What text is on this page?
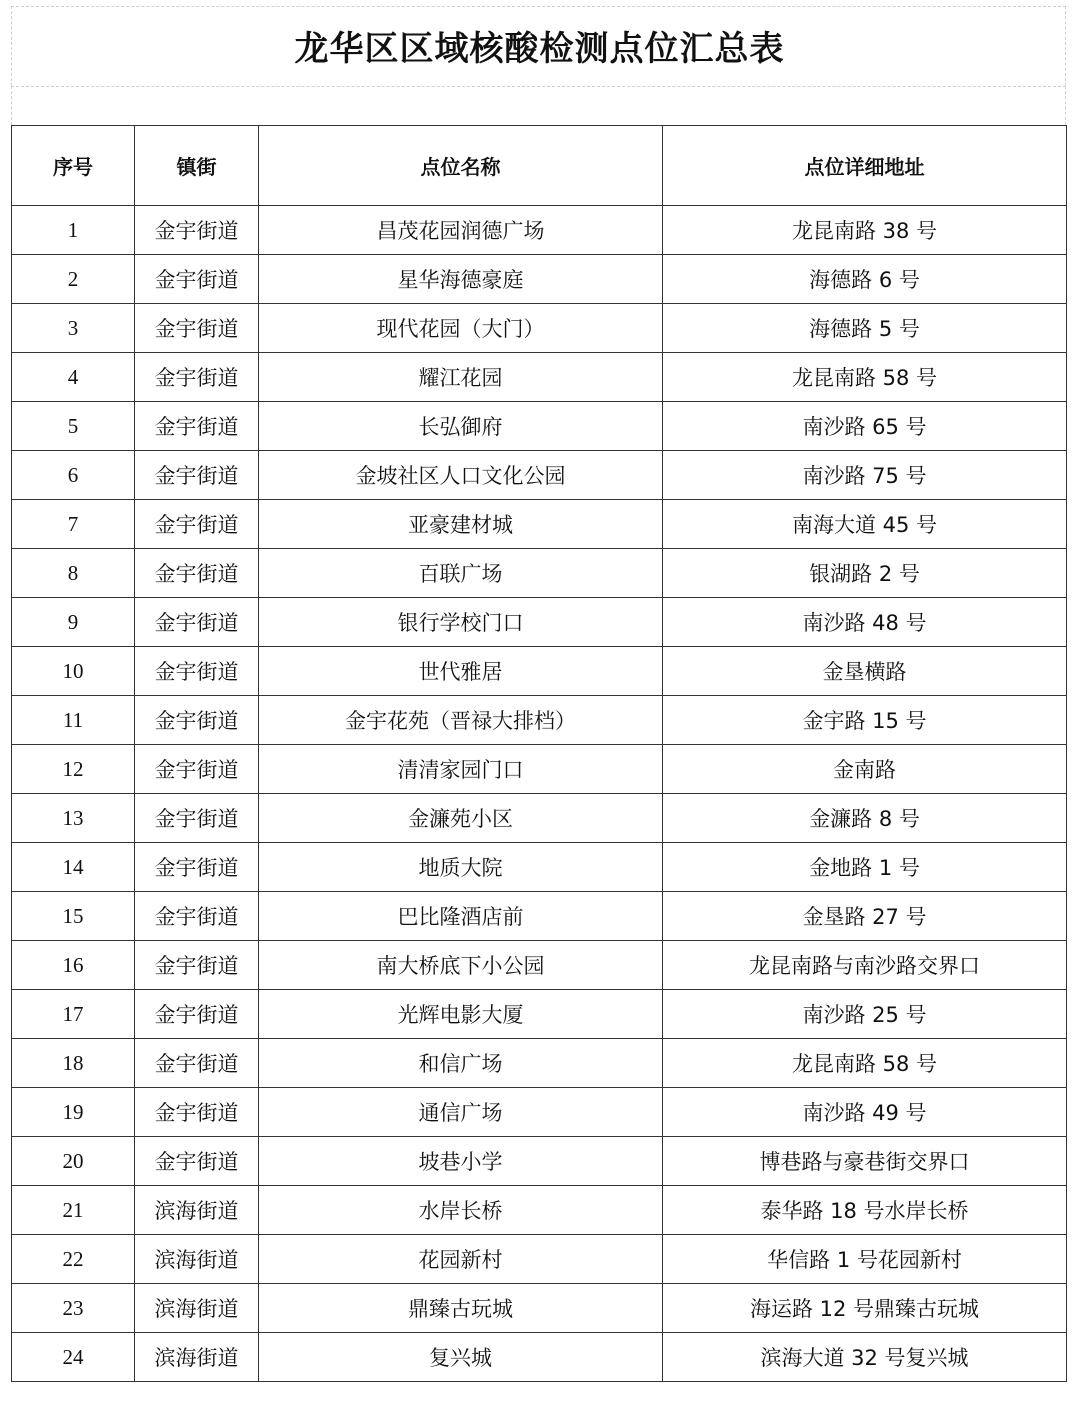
龙华区区域核酸检测点位汇总表
序号	镇街	点位名称	点位详细地址
1	金宇街道	昌茂花园润德广场	龙昆南路 38 号
2	金宇街道	星华海德豪庭	海德路 6 号
3	金宇街道	现代花园（大门）	海德路 5 号
4	金宇街道	耀江花园	龙昆南路 58 号
5	金宇街道	长弘御府	南沙路 65 号
6	金宇街道	金坡社区人口文化公园	南沙路 75 号
7	金宇街道	亚豪建材城	南海大道 45 号
8	金宇街道	百联广场	银湖路 2 号
9	金宇街道	银行学校门口	南沙路 48 号
10	金宇街道	世代雅居	金垦横路
11	金宇街道	金宇花苑（晋禄大排档）	金宇路 15 号
12	金宇街道	清清家园门口	金南路
13	金宇街道	金濂苑小区	金濂路 8 号
14	金宇街道	地质大院	金地路 1 号
15	金宇街道	巴比隆酒店前	金垦路 27 号
16	金宇街道	南大桥底下小公园	龙昆南路与南沙路交界口
17	金宇街道	光辉电影大厦	南沙路 25 号
18	金宇街道	和信广场	龙昆南路 58 号
19	金宇街道	通信广场	南沙路 49 号
20	金宇街道	坡巷小学	博巷路与豪巷街交界口
21	滨海街道	水岸长桥	泰华路 18 号水岸长桥
22	滨海街道	花园新村	华信路 1 号花园新村
23	滨海街道	鼎臻古玩城	海运路 12 号鼎臻古玩城
24	滨海街道	复兴城	滨海大道 32 号复兴城
